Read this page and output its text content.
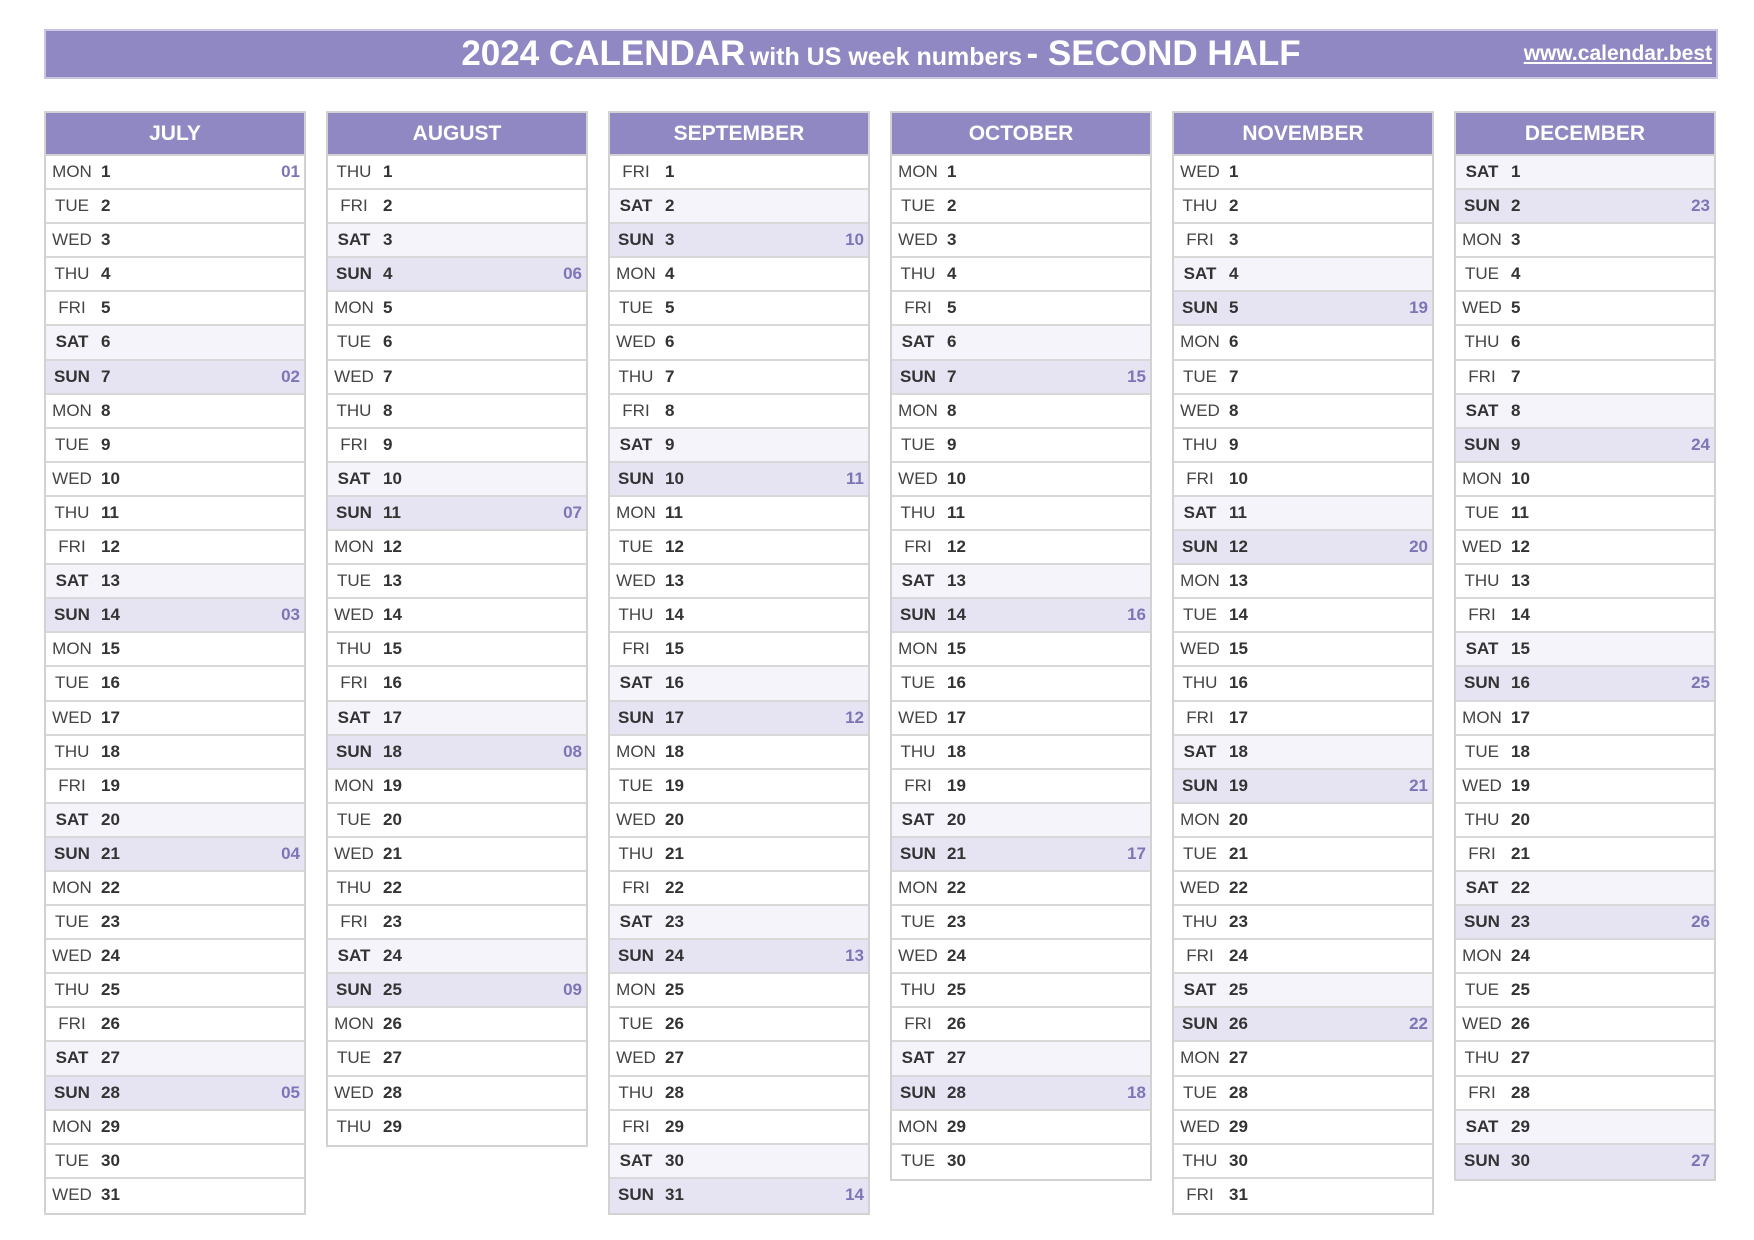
2024 CALENDAR with US week numbers - SECOND HALF	www.calendar.best
JULY
MON 1	01
TUE 2
WED 3
THU 4
FRI 5
SAT 6
SUN 7	02
MON 8
TUE 9
WED 10
THU 11
FRI 12
SAT 13
SUN 14	03
MON 15
TUE 16
WED 17
THU 18
FRI 19
SAT 20
SUN 21	04
MON 22
TUE 23
WED 24
THU 25
FRI 26
SAT 27
SUN 28	05
MON 29
TUE 30
WED 31
AUGUST
THU 1
FRI 2
SAT 3
SUN 4	06
MON 5
TUE 6
WED 7
THU 8
FRI 9
SAT 10
SUN 11	07
MON 12
TUE 13
WED 14
THU 15
FRI 16
SAT 17
SUN 18	08
MON 19
TUE 20
WED 21
THU 22
FRI 23
SAT 24
SUN 25	09
MON 26
TUE 27
WED 28
THU 29
SEPTEMBER
FRI 1
SAT 2
SUN 3	10
MON 4
TUE 5
WED 6
THU 7
FRI 8
SAT 9
SUN 10	11
MON 11
TUE 12
WED 13
THU 14
FRI 15
SAT 16
SUN 17	12
MON 18
TUE 19
WED 20
THU 21
FRI 22
SAT 23
SUN 24	13
MON 25
TUE 26
WED 27
THU 28
FRI 29
SAT 30
SUN 31	14
OCTOBER
MON 1
TUE 2
WED 3
THU 4
FRI 5
SAT 6
SUN 7	15
MON 8
TUE 9
WED 10
THU 11
FRI 12
SAT 13
SUN 14	16
MON 15
TUE 16
WED 17
THU 18
FRI 19
SAT 20
SUN 21	17
MON 22
TUE 23
WED 24
THU 25
FRI 26
SAT 27
SUN 28	18
MON 29
TUE 30
NOVEMBER
WED 1
THU 2
FRI 3
SAT 4
SUN 5	19
MON 6
TUE 7
WED 8
THU 9
FRI 10
SAT 11
SUN 12	20
MON 13
TUE 14
WED 15
THU 16
FRI 17
SAT 18
SUN 19	21
MON 20
TUE 21
WED 22
THU 23
FRI 24
SAT 25
SUN 26	22
MON 27
TUE 28
WED 29
THU 30
FRI 31
DECEMBER
SAT 1
SUN 2	23
MON 3
TUE 4
WED 5
THU 6
FRI 7
SAT 8
SUN 9	24
MON 10
TUE 11
WED 12
THU 13
FRI 14
SAT 15
SUN 16	25
MON 17
TUE 18
WED 19
THU 20
FRI 21
SAT 22
SUN 23	26
MON 24
TUE 25
WED 26
THU 27
FRI 28
SAT 29
SUN 30	27
